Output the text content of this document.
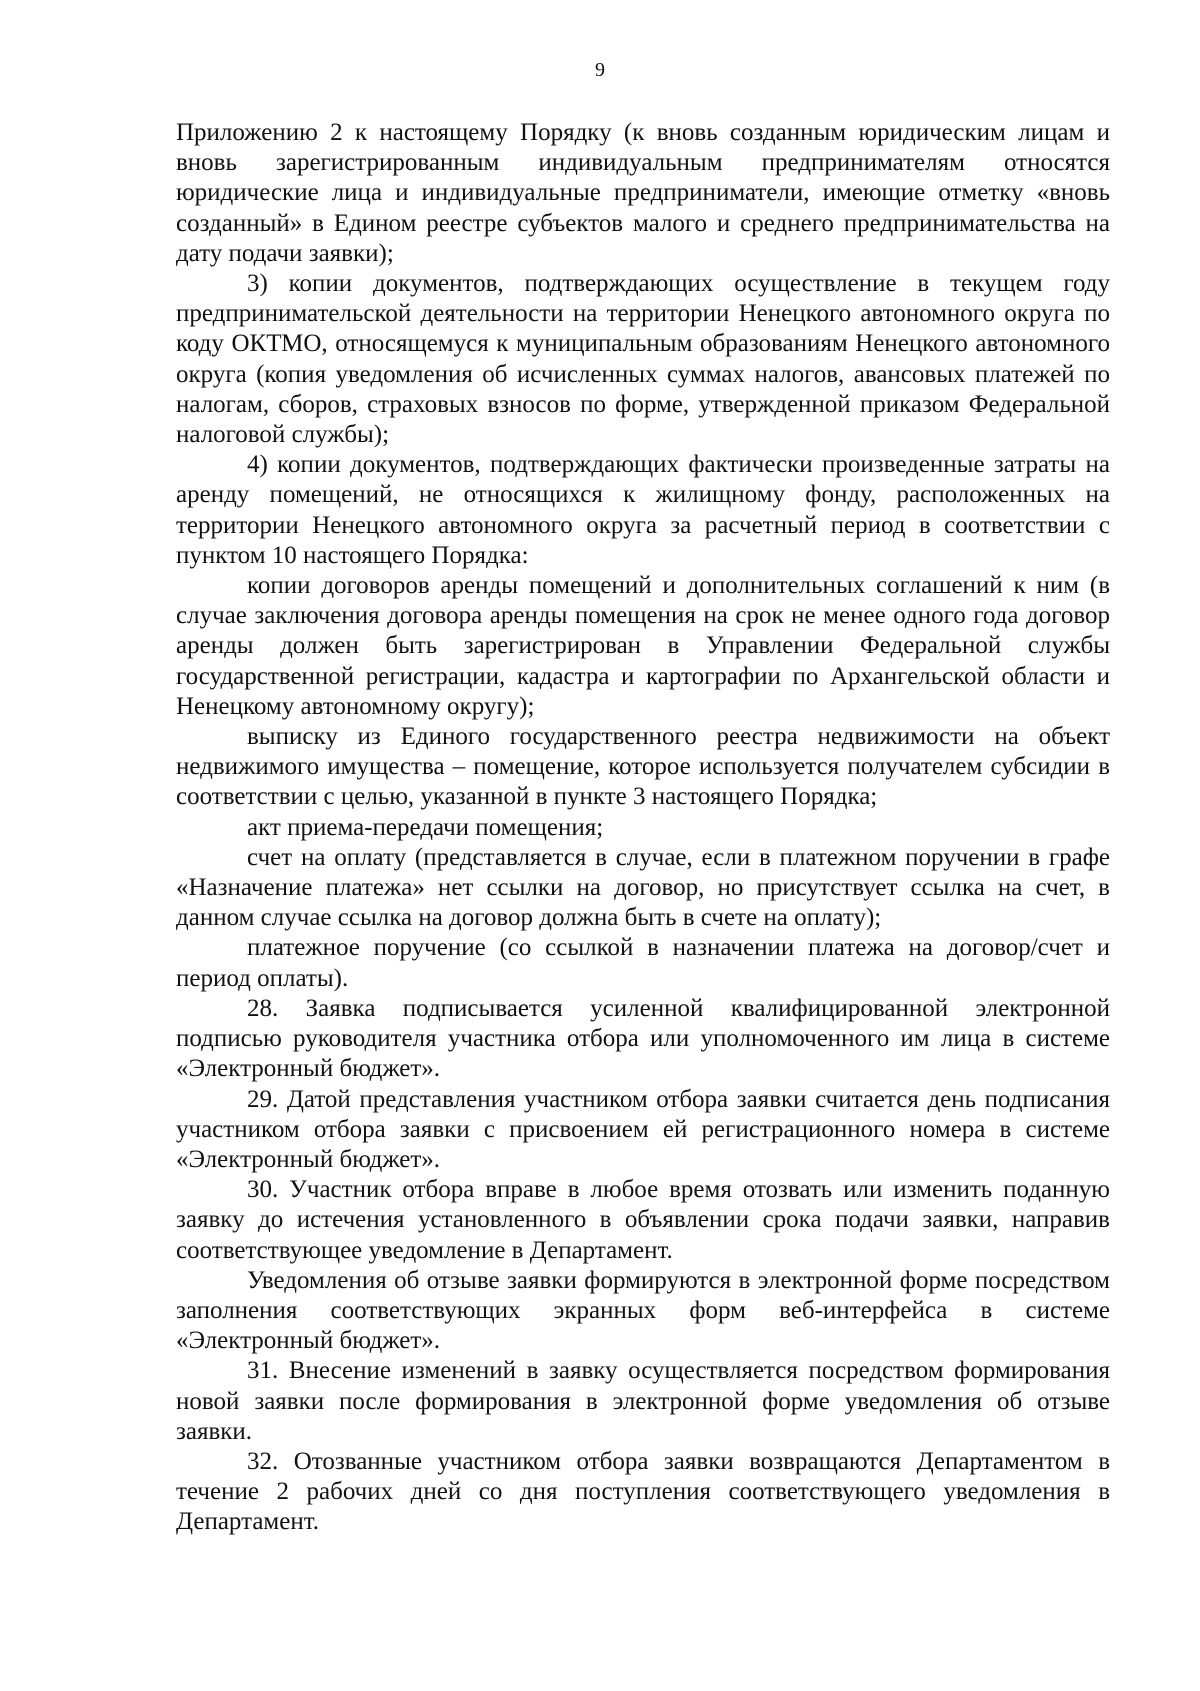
9

Приложению 2 к настоящему Порядку (к вновь созданным юридическим лицам и вновь зарегистрированным индивидуальным предпринимателям относятся юридические лица и индивидуальные предприниматели, имеющие отметку «вновь созданный» в Едином реестре субъектов малого и среднего предпринимательства на дату подачи заявки);

3) копии документов, подтверждающих осуществление в текущем году предпринимательской деятельности на территории Ненецкого автономного округа по коду ОКТМО, относящемуся к муниципальным образованиям Ненецкого автономного округа (копия уведомления об исчисленных суммах налогов, авансовых платежей по налогам, сборов, страховых взносов по форме, утвержденной приказом Федеральной налоговой службы);

4) копии документов, подтверждающих фактически произведенные затраты на аренду помещений, не относящихся к жилищному фонду, расположенных на территории Ненецкого автономного округа за расчетный период в соответствии с пунктом 10 настоящего Порядка:

копии договоров аренды помещений и дополнительных соглашений к ним (в случае заключения договора аренды помещения на срок не менее одного года договор аренды должен быть зарегистрирован в Управлении Федеральной службы государственной регистрации, кадастра и картографии по Архангельской области и Ненецкому автономному округу);

выписку из Единого государственного реестра недвижимости на объект недвижимого имущества – помещение, которое используется получателем субсидии в соответствии с целью, указанной в пункте 3 настоящего Порядка;

акт приема-передачи помещения;

счет на оплату (представляется в случае, если в платежном поручении в графе «Назначение платежа» нет ссылки на договор, но присутствует ссылка на счет, в данном случае ссылка на договор должна быть в счете на оплату);

платежное поручение (со ссылкой в назначении платежа на договор/счет и период оплаты).

28. Заявка подписывается усиленной квалифицированной электронной подписью руководителя участника отбора или уполномоченного им лица в системе «Электронный бюджет».

29. Датой представления участником отбора заявки считается день подписания участником отбора заявки с присвоением ей регистрационного номера в системе «Электронный бюджет».

30. Участник отбора вправе в любое время отозвать или изменить поданную заявку до истечения установленного в объявлении срока подачи заявки, направив соответствующее уведомление в Департамент.

Уведомления об отзыве заявки формируются в электронной форме посредством заполнения соответствующих экранных форм веб-интерфейса в системе «Электронный бюджет».

31. Внесение изменений в заявку осуществляется посредством формирования новой заявки после формирования в электронной форме уведомления об отзыве заявки.

32. Отозванные участником отбора заявки возвращаются Департаментом в течение 2 рабочих дней со дня поступления соответствующего уведомления в Департамент.
